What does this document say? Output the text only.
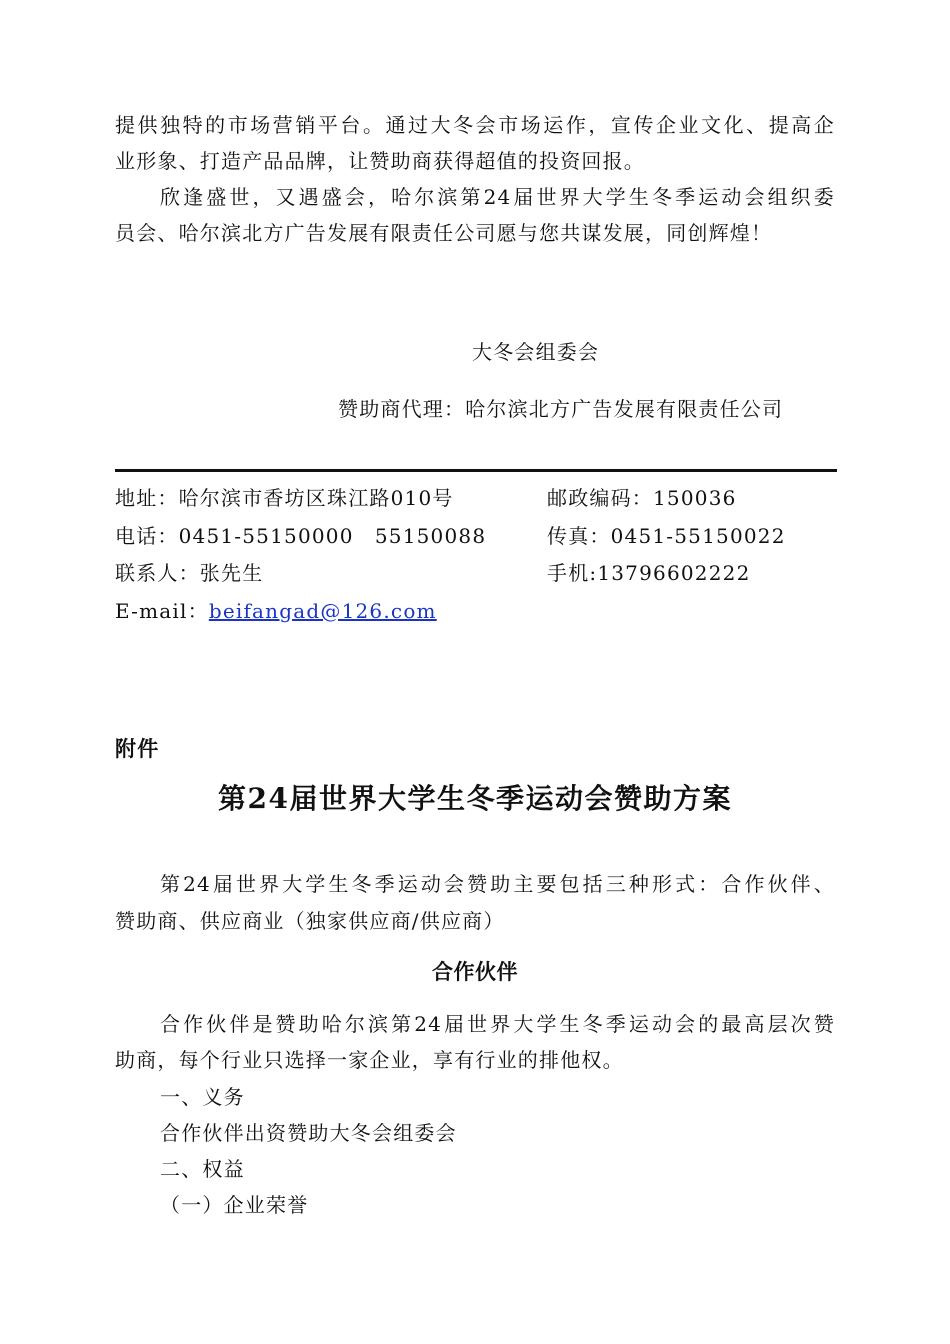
提供独特的市场营销平台。通过大冬会市场运作，宣传企业文化、提高企
业形象、打造产品品牌，让赞助商获得超值的投资回报。
欣逢盛世，又遇盛会，哈尔滨第24届世界大学生冬季运动会组织委
员会、哈尔滨北方广告发展有限责任公司愿与您共谋发展，同创辉煌！
大冬会组委会
赞助商代理：哈尔滨北方广告发展有限责任公司
地址：哈尔滨市香坊区珠江路010号	邮政编码：150036
电话：0451-55150000　55150088	传真：0451-55150022
联系人：张先生	手机:13796602222
E-mail：beifangad@126.com
附件
第24届世界大学生冬季运动会赞助方案
第24届世界大学生冬季运动会赞助主要包括三种形式：合作伙伴、
赞助商、供应商业（独家供应商/供应商）
合作伙伴
合作伙伴是赞助哈尔滨第24届世界大学生冬季运动会的最高层次赞
助商，每个行业只选择一家企业，享有行业的排他权。
一、义务
合作伙伴出资赞助大冬会组委会
二、权益
（一）企业荣誉
